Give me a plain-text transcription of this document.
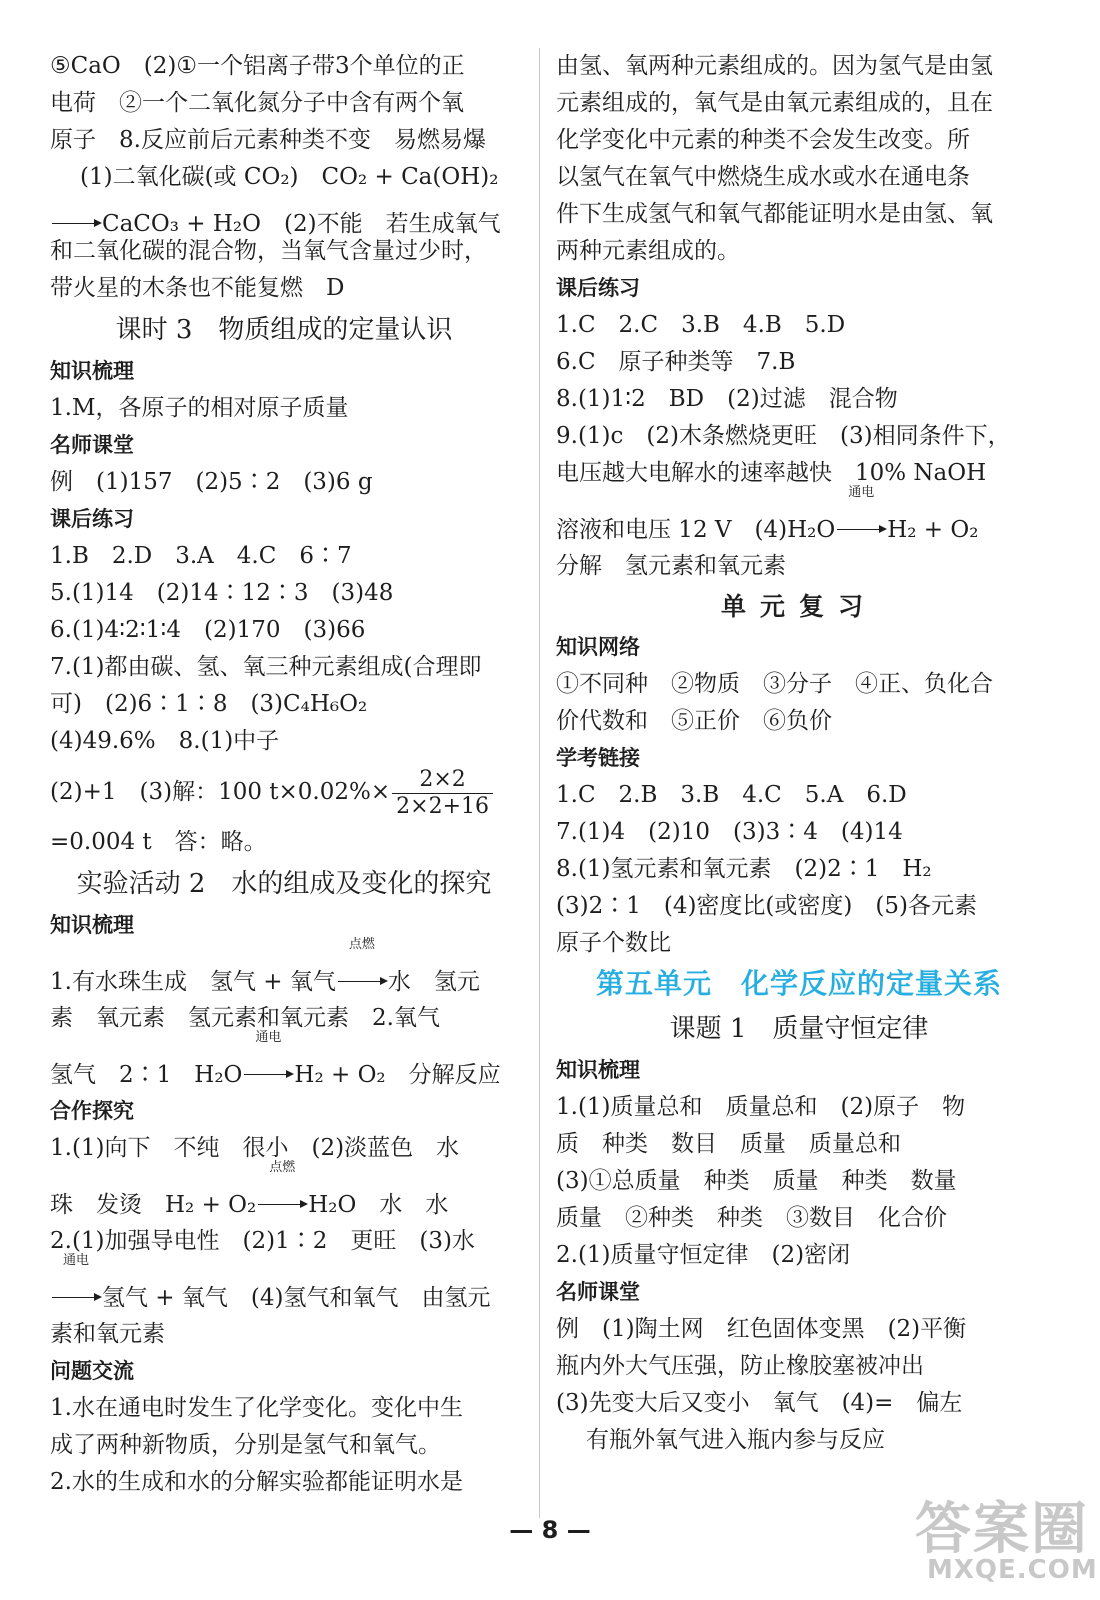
⑤CaO　(2)①一个铝离子带3个单位的正
电荷　②一个二氧化氮分子中含有两个氧
原子　8.反应前后元素种类不变　易燃易爆
(1)二氧化碳(或 CO₂)　CO₂ + Ca(OH)₂
CaCO₃ + H₂O　(2)不能　若生成氧气
和二氧化碳的混合物，当氧气含量过少时，
带火星的木条也不能复燃　D
课时 3　物质组成的定量认识
知识梳理
1.M，各原子的相对原子质量
名师课堂
例　(1)157　(2)5∶2　(3)6 g
课后练习
1.B　2.D　3.A　4.C　6∶7
5.(1)14　(2)14∶12∶3　(3)48
6.(1)4∶2∶1∶4　(2)170　(3)66
7.(1)都由碳、氢、氧三种元素组成(合理即
可)　(2)6∶1∶8　(3)C₄H₆O₂
(4)49.6%　8.(1)中子
(2)+1　(3)解：100 $t\times 0.02\%\times \frac{2\times 2}{2\times 2+16}$
=0.004 t　答：略。
实验活动 2　水的组成及变化的探究
知识梳理
1.有水珠生成　氢气 + 氧气
点燃
水　氢元
素　氧元素　氢元素和氧元素　2.氧气
氢气　2∶1　H₂O
通电
H₂ + O₂　分解反应
合作探究
1.(1)向下　不纯　很小　(2)淡蓝色　水
珠　发烫　H₂ + O₂
点燃
H₂O　水　水
2.(1)加强导电性　(2)1∶2　更旺　(3)水
通电
氢气 + 氧气　(4)氢气和氧气　由氢元
素和氧元素
问题交流
1.水在通电时发生了化学变化。变化中生
成了两种新物质，分别是氢气和氧气。
2.水的生成和水的分解实验都能证明水是
由氢、氧两种元素组成的。因为氢气是由氢
元素组成的，氧气是由氧元素组成的，且在
化学变化中元素的种类不会发生改变。所
以氢气在氧气中燃烧生成水或水在通电条
件下生成氢气和氧气都能证明水是由氢、氧
两种元素组成的。
课后练习
1.C　2.C　3.B　4.B　5.D
6.C　原子种类等　7.B
8.(1)1∶2　BD　(2)过滤　混合物
9.(1)c　(2)木条燃烧更旺　(3)相同条件下，
电压越大电解水的速率越快　10% NaOH
溶液和电压 12 V　(4)H₂O
通电
H₂ + O₂
分解　氢元素和氧元素
单元复习
知识网络
①不同种　②物质　③分子　④正、负化合
价代数和　⑤正价　⑥负价
学考链接
1.C　2.B　3.B　4.C　5.A　6.D
7.(1)4　(2)10　(3)3∶4　(4)14
8.(1)氢元素和氧元素　(2)2∶1　H₂
(3)2∶1　(4)密度比(或密度)　(5)各元素
原子个数比
第五单元　化学反应的定量关系
课题 1　质量守恒定律
知识梳理
1.(1)质量总和　质量总和　(2)原子　物
质　种类　数目　质量　质量总和
(3)①总质量　种类　质量　种类　数量
质量　②种类　种类　③数目　化合价
2.(1)质量守恒定律　(2)密闭
名师课堂
例　(1)陶土网　红色固体变黑　(2)平衡
瓶内外大气压强，防止橡胶塞被冲出
(3)先变大后又变小　氧气　(4)=　偏左
有瓶外氧气进入瓶内参与反应
— 8 —	答案圈
MXQE.COM
